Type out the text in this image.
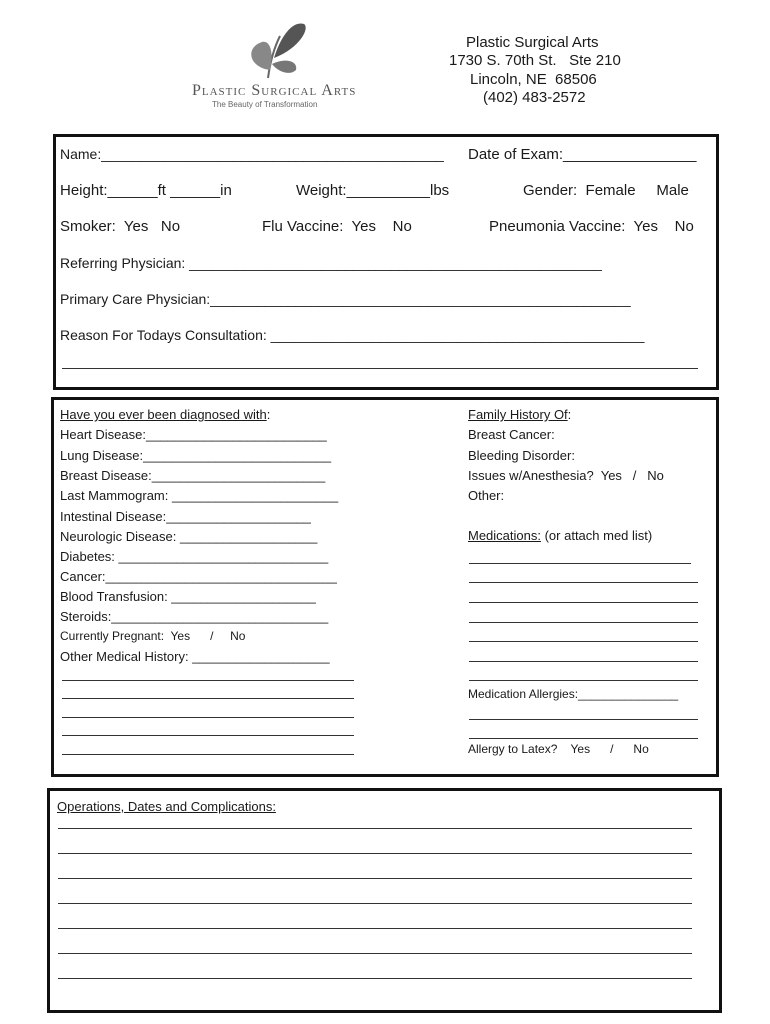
Plastic Surgical Arts
The Beauty of Transformation
Plastic Surgical Arts
1730 S. 70th St.   Ste 210
Lincoln, NE  68506
(402) 483-2572
Name:____________________________________________ Date of Exam:________________
Height:______ft ______in	Weight:__________lbs	Gender:  Female     Male
Smoker:  Yes   No	Flu Vaccine:  Yes    No	Pneumonia Vaccine:  Yes    No
Referring Physician: _____________________________________________________
Primary Care Physician:______________________________________________________
Reason For Todays Consultation: ________________________________________________
Have you ever been diagnosed with:
Heart Disease:_________________________
Lung Disease:__________________________
Breast Disease:________________________
Last Mammogram: _______________________
Intestinal Disease:____________________
Neurologic Disease: ___________________
Diabetes: _____________________________
Cancer:________________________________
Blood Transfusion: ____________________
Steroids:______________________________
Currently Pregnant:  Yes      /     No
Other Medical History: ___________________
Family History Of:
Breast Cancer:
Bleeding Disorder:
Issues w/Anesthesia?  Yes   /   No
Other:
Medications: (or attach med list)
Medication Allergies:_______________
Allergy to Latex?    Yes      /      No
Operations, Dates and Complications:
